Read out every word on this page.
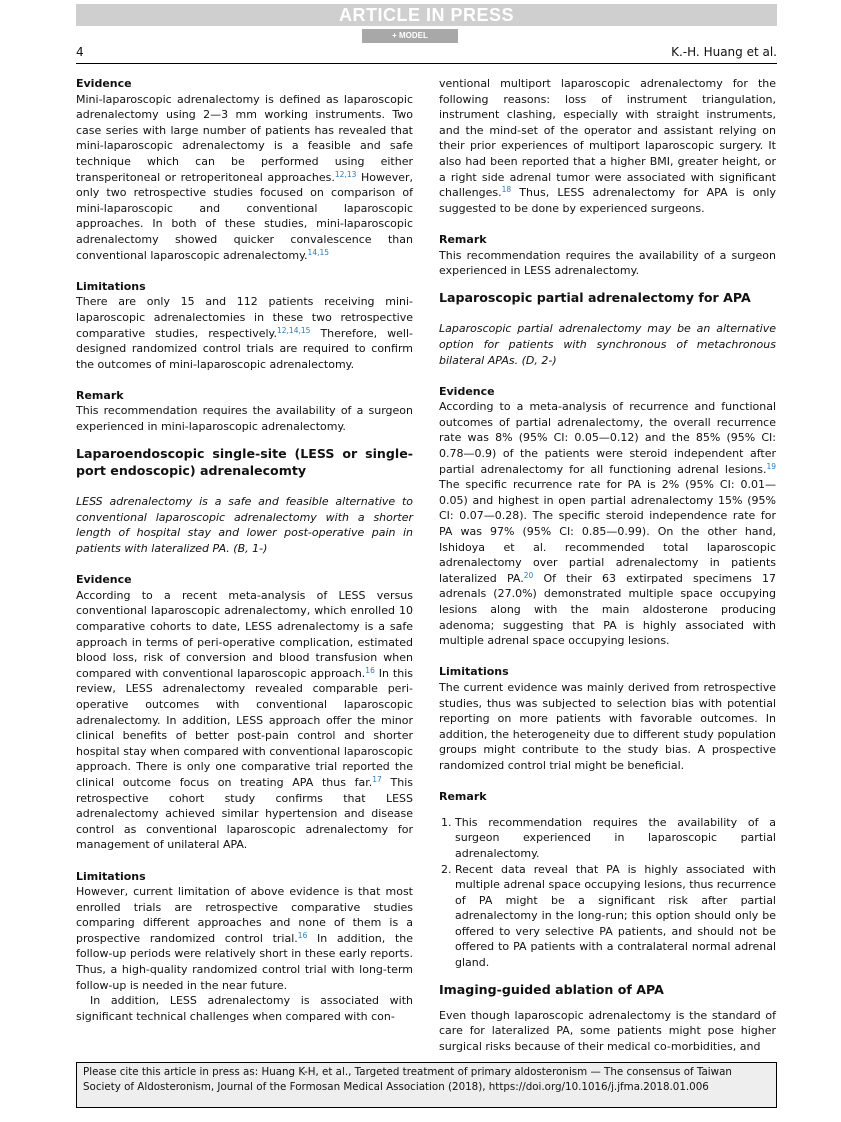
ARTICLE IN PRESS
+ MODEL
4	K.-H. Huang et al.

Evidence

Mini-laparoscopic adrenalectomy is defined as laparoscopic adrenalectomy using 2—3 mm working instruments. Two case series with large number of patients has revealed that mini-laparoscopic adrenalectomy is a feasible and safe technique which can be performed using either transperitoneal or retroperitoneal approaches.$^{12,13}$ However, only two retrospective studies focused on comparison of mini-laparoscopic and conventional laparoscopic approaches. In both of these studies, mini-laparoscopic adrenalectomy showed quicker convalescence than conventional laparoscopic adrenalectomy.$^{14,15}$

Limitations

There are only 15 and 112 patients receiving mini-laparoscopic adrenalectomies in these two retrospective comparative studies, respectively.$^{12,14,15}$ Therefore, well-designed randomized control trials are required to confirm the outcomes of mini-laparoscopic adrenalectomy.

Remark

This recommendation requires the availability of a surgeon experienced in mini-laparoscopic adrenalectomy.

Laparoendoscopic single-site (LESS or single-port endoscopic) adrenalecomty

LESS adrenalectomy is a safe and feasible alternative to conventional laparoscopic adrenalectomy with a shorter length of hospital stay and lower post-operative pain in patients with lateralized PA. (B, 1-)

Evidence

According to a recent meta-analysis of LESS versus conventional laparoscopic adrenalectomy, which enrolled 10 comparative cohorts to date, LESS adrenalectomy is a safe approach in terms of peri-operative complication, estimated blood loss, risk of conversion and blood transfusion when compared with conventional laparoscopic approach.$^{16}$ In this review, LESS adrenalectomy revealed comparable peri-operative outcomes with conventional laparoscopic adrenalectomy. In addition, LESS approach offer the minor clinical benefits of better post-pain control and shorter hospital stay when compared with conventional laparoscopic approach. There is only one comparative trial reported the clinical outcome focus on treating APA thus far.$^{17}$ This retrospective cohort study confirms that LESS adrenalectomy achieved similar hypertension and disease control as conventional laparoscopic adrenalectomy for management of unilateral APA.

Limitations

However, current limitation of above evidence is that most enrolled trials are retrospective comparative studies comparing different approaches and none of them is a prospective randomized control trial.$^{16}$ In addition, the follow-up periods were relatively short in these early reports. Thus, a high-quality randomized control trial with long-term follow-up is needed in the near future.

In addition, LESS adrenalectomy is associated with significant technical challenges when compared with con-

ventional multiport laparoscopic adrenalectomy for the following reasons: loss of instrument triangulation, instrument clashing, especially with straight instruments, and the mind-set of the operator and assistant relying on their prior experiences of multiport laparoscopic surgery. It also had been reported that a higher BMI, greater height, or a right side adrenal tumor were associated with significant challenges.$^{18}$ Thus, LESS adrenalectomy for APA is only suggested to be done by experienced surgeons.

Remark

This recommendation requires the availability of a surgeon experienced in LESS adrenalectomy.

Laparoscopic partial adrenalectomy for APA

Laparoscopic partial adrenalectomy may be an alternative option for patients with synchronous of metachronous bilateral APAs. (D, 2-)

Evidence

According to a meta-analysis of recurrence and functional outcomes of partial adrenalectomy, the overall recurrence rate was 8% (95% CI: 0.05—0.12) and the 85% (95% CI: 0.78—0.9) of the patients were steroid independent after partial adrenalectomy for all functioning adrenal lesions.$^{19}$ The specific recurrence rate for PA is 2% (95% CI: 0.01—0.05) and highest in open partial adrenalectomy 15% (95% CI: 0.07—0.28). The specific steroid independence rate for PA was 97% (95% CI: 0.85—0.99). On the other hand, Ishidoya et al. recommended total laparoscopic adrenalectomy over partial adrenalectomy in patients lateralized PA.$^{20}$ Of their 63 extirpated specimens 17 adrenals (27.0%) demonstrated multiple space occupying lesions along with the main aldosterone producing adenoma; suggesting that PA is highly associated with multiple adrenal space occupying lesions.

Limitations

The current evidence was mainly derived from retrospective studies, thus was subjected to selection bias with potential reporting on more patients with favorable outcomes. In addition, the heterogeneity due to different study population groups might contribute to the study bias. A prospective randomized control trial might be beneficial.

Remark

1. This recommendation requires the availability of a surgeon experienced in laparoscopic partial adrenalectomy.
2. Recent data reveal that PA is highly associated with multiple adrenal space occupying lesions, thus recurrence of PA might be a significant risk after partial adrenalectomy in the long-run; this option should only be offered to very selective PA patients, and should not be offered to PA patients with a contralateral normal adrenal gland.

Imaging-guided ablation of APA

Even though laparoscopic adrenalectomy is the standard of care for lateralized PA, some patients might pose higher surgical risks because of their medical co-morbidities, and

Please cite this article in press as: Huang K-H, et al., Targeted treatment of primary aldosteronism — The consensus of Taiwan Society of Aldosteronism, Journal of the Formosan Medical Association (2018), https://doi.org/10.1016/j.jfma.2018.01.006
